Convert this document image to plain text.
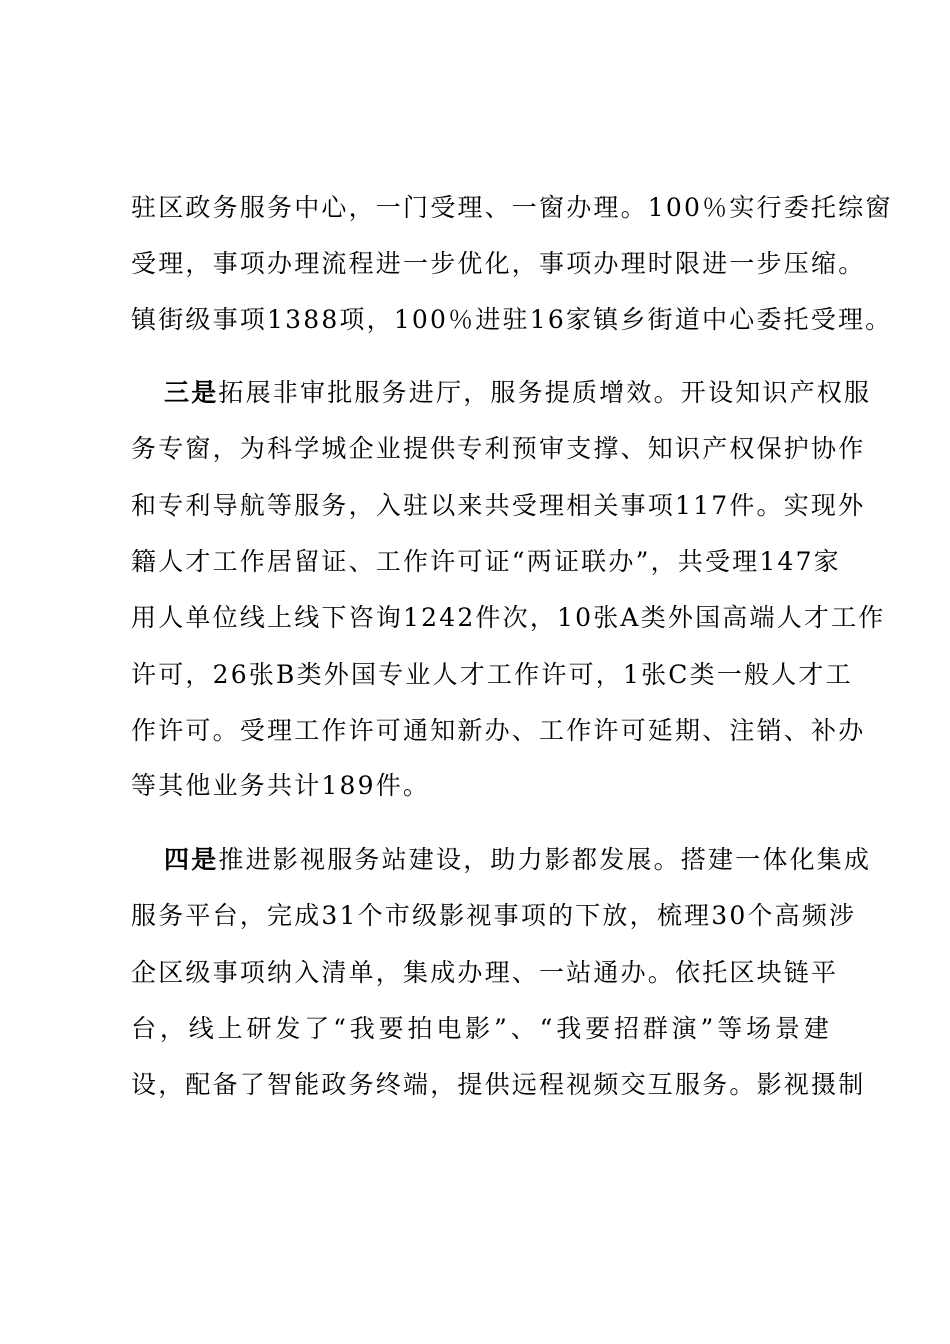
驻区政务服务中心，一门受理、一窗办理。100％实行委托综窗
受理，事项办理流程进一步优化，事项办理时限进一步压缩。
镇街级事项1388项，100％进驻16家镇乡街道中心委托受理。
三是拓展非审批服务进厅，服务提质增效。开设知识产权服
务专窗，为科学城企业提供专利预审支撑、知识产权保护协作
和专利导航等服务，入驻以来共受理相关事项117件。实现外
籍人才工作居留证、工作许可证“两证联办”，共受理147家
用人单位线上线下咨询1242件次，10张A类外国高端人才工作
许可，26张B类外国专业人才工作许可，1张C类一般人才工
作许可。受理工作许可通知新办、工作许可延期、注销、补办
等其他业务共计189件。
四是推进影视服务站建设，助力影都发展。搭建一体化集成
服务平台，完成31个市级影视事项的下放，梳理30个高频涉
企区级事项纳入清单，集成办理、一站通办。依托区块链平
台，线上研发了“我要拍电影”、“我要招群演”等场景建
设，配备了智能政务终端，提供远程视频交互服务。影视摄制
